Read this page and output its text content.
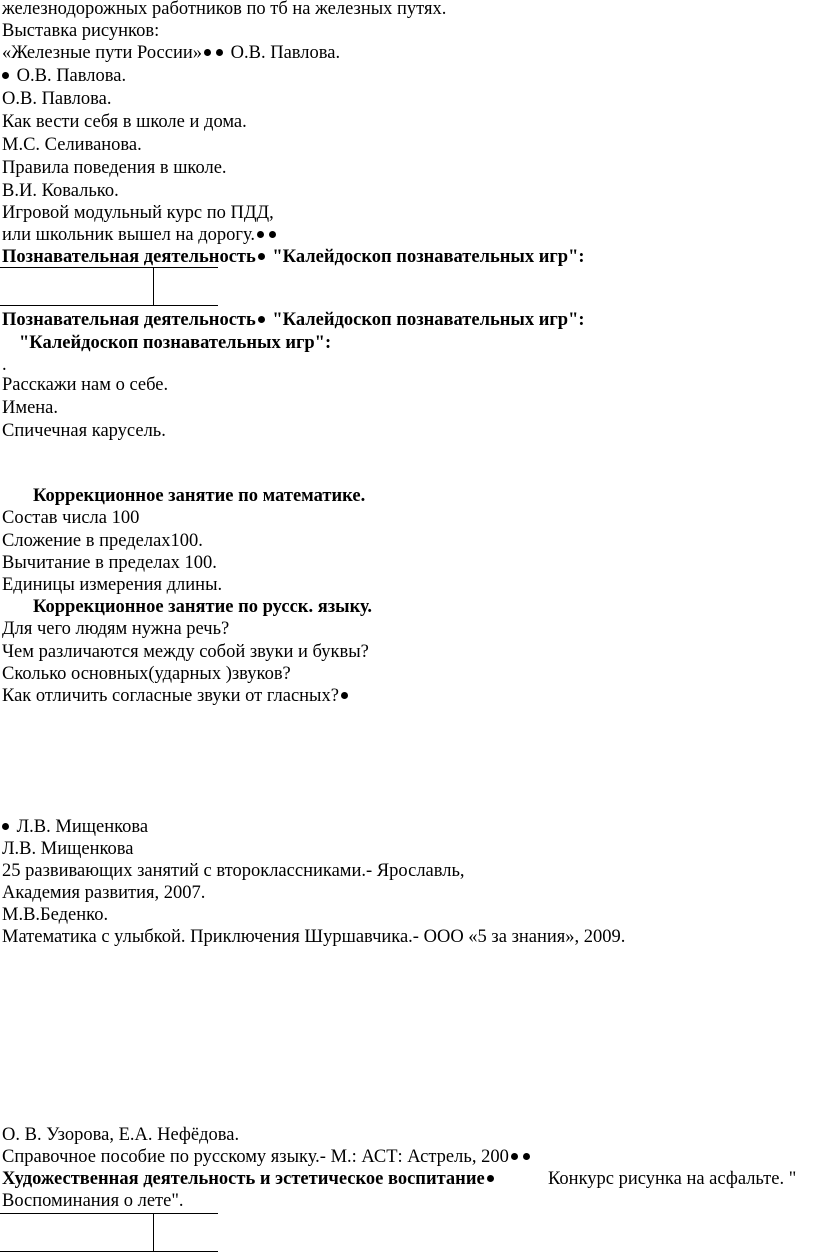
железнодорожных работников по тб на железных путях.
Выставка рисунков:
«Железные пути России» О.В. Павлова.
О.В. Павлова.
О.В. Павлова.
Как вести себя в школе и дома.
М.С. Селиванова.
Правила поведения в школе.
В.И. Ковалько.
Игровой модульный курс по ПДД,
или школьник вышел на дорогу.
Познавательная деятельность "Калейдоскоп познавательных игр":
Познавательная деятельность "Калейдоскоп познавательных игр":
"Калейдоскоп познавательных игр":
.
Расскажи нам о себе.
Имена.
Спичечная карусель.
Коррекционное занятие по математике.
Состав числа 100
Сложение в пределах100.
Вычитание в пределах 100.
Единицы измерения длины.
Коррекционное занятие по русск. языку.
Для чего людям нужна речь?
Чем различаются между собой звуки и буквы?
Сколько основных(ударных )звуков?
Как отличить согласные звуки от гласных?
Л.В. Мищенкова
Л.В. Мищенкова
25 развивающих занятий с второклассниками.- Ярославль,
Академия развития, 2007.
М.В.Беденко.
Математика с улыбкой. Приключения Шуршавчика.- ООО «5 за знания», 2009.
О. В. Узорова, Е.А. Нефёдова.
Справочное пособие по русскому языку.- М.: АСТ: Астрель, 200
Художественная деятельность и эстетическое воспитание	Конкурс рисунка на асфальте. "
Воспоминания о лете".
